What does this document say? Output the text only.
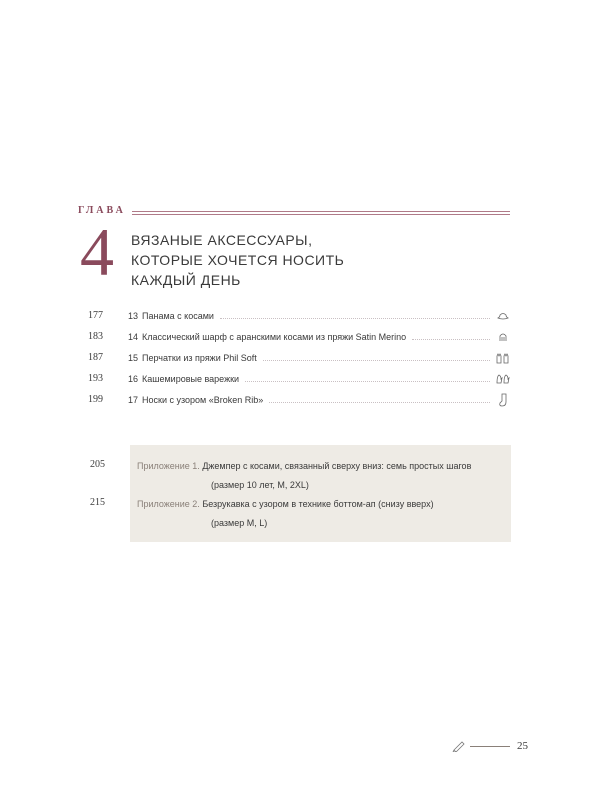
ГЛАВА
4 ВЯЗАНЫЕ АКСЕССУАРЫ,
КОТОРЫЕ ХОЧЕТСЯ НОСИТЬ
КАЖДЫЙ ДЕНЬ
177	13 Панама с косами
183	14 Классический шарф с аранскими косами из пряжи Satin Merino
187	15 Перчатки из пряжи Phil Soft
193	16 Кашемировые варежки
199	17 Носки с узором «Broken Rib»
205	Приложение 1. Джемпер с косами, связанный сверху вниз: семь простых шагов
(размер 10 лет, M, 2XL)
215	Приложение 2. Безрукавка с узором в технике боттом-ап (снизу вверх)
(размер M, L)
25
